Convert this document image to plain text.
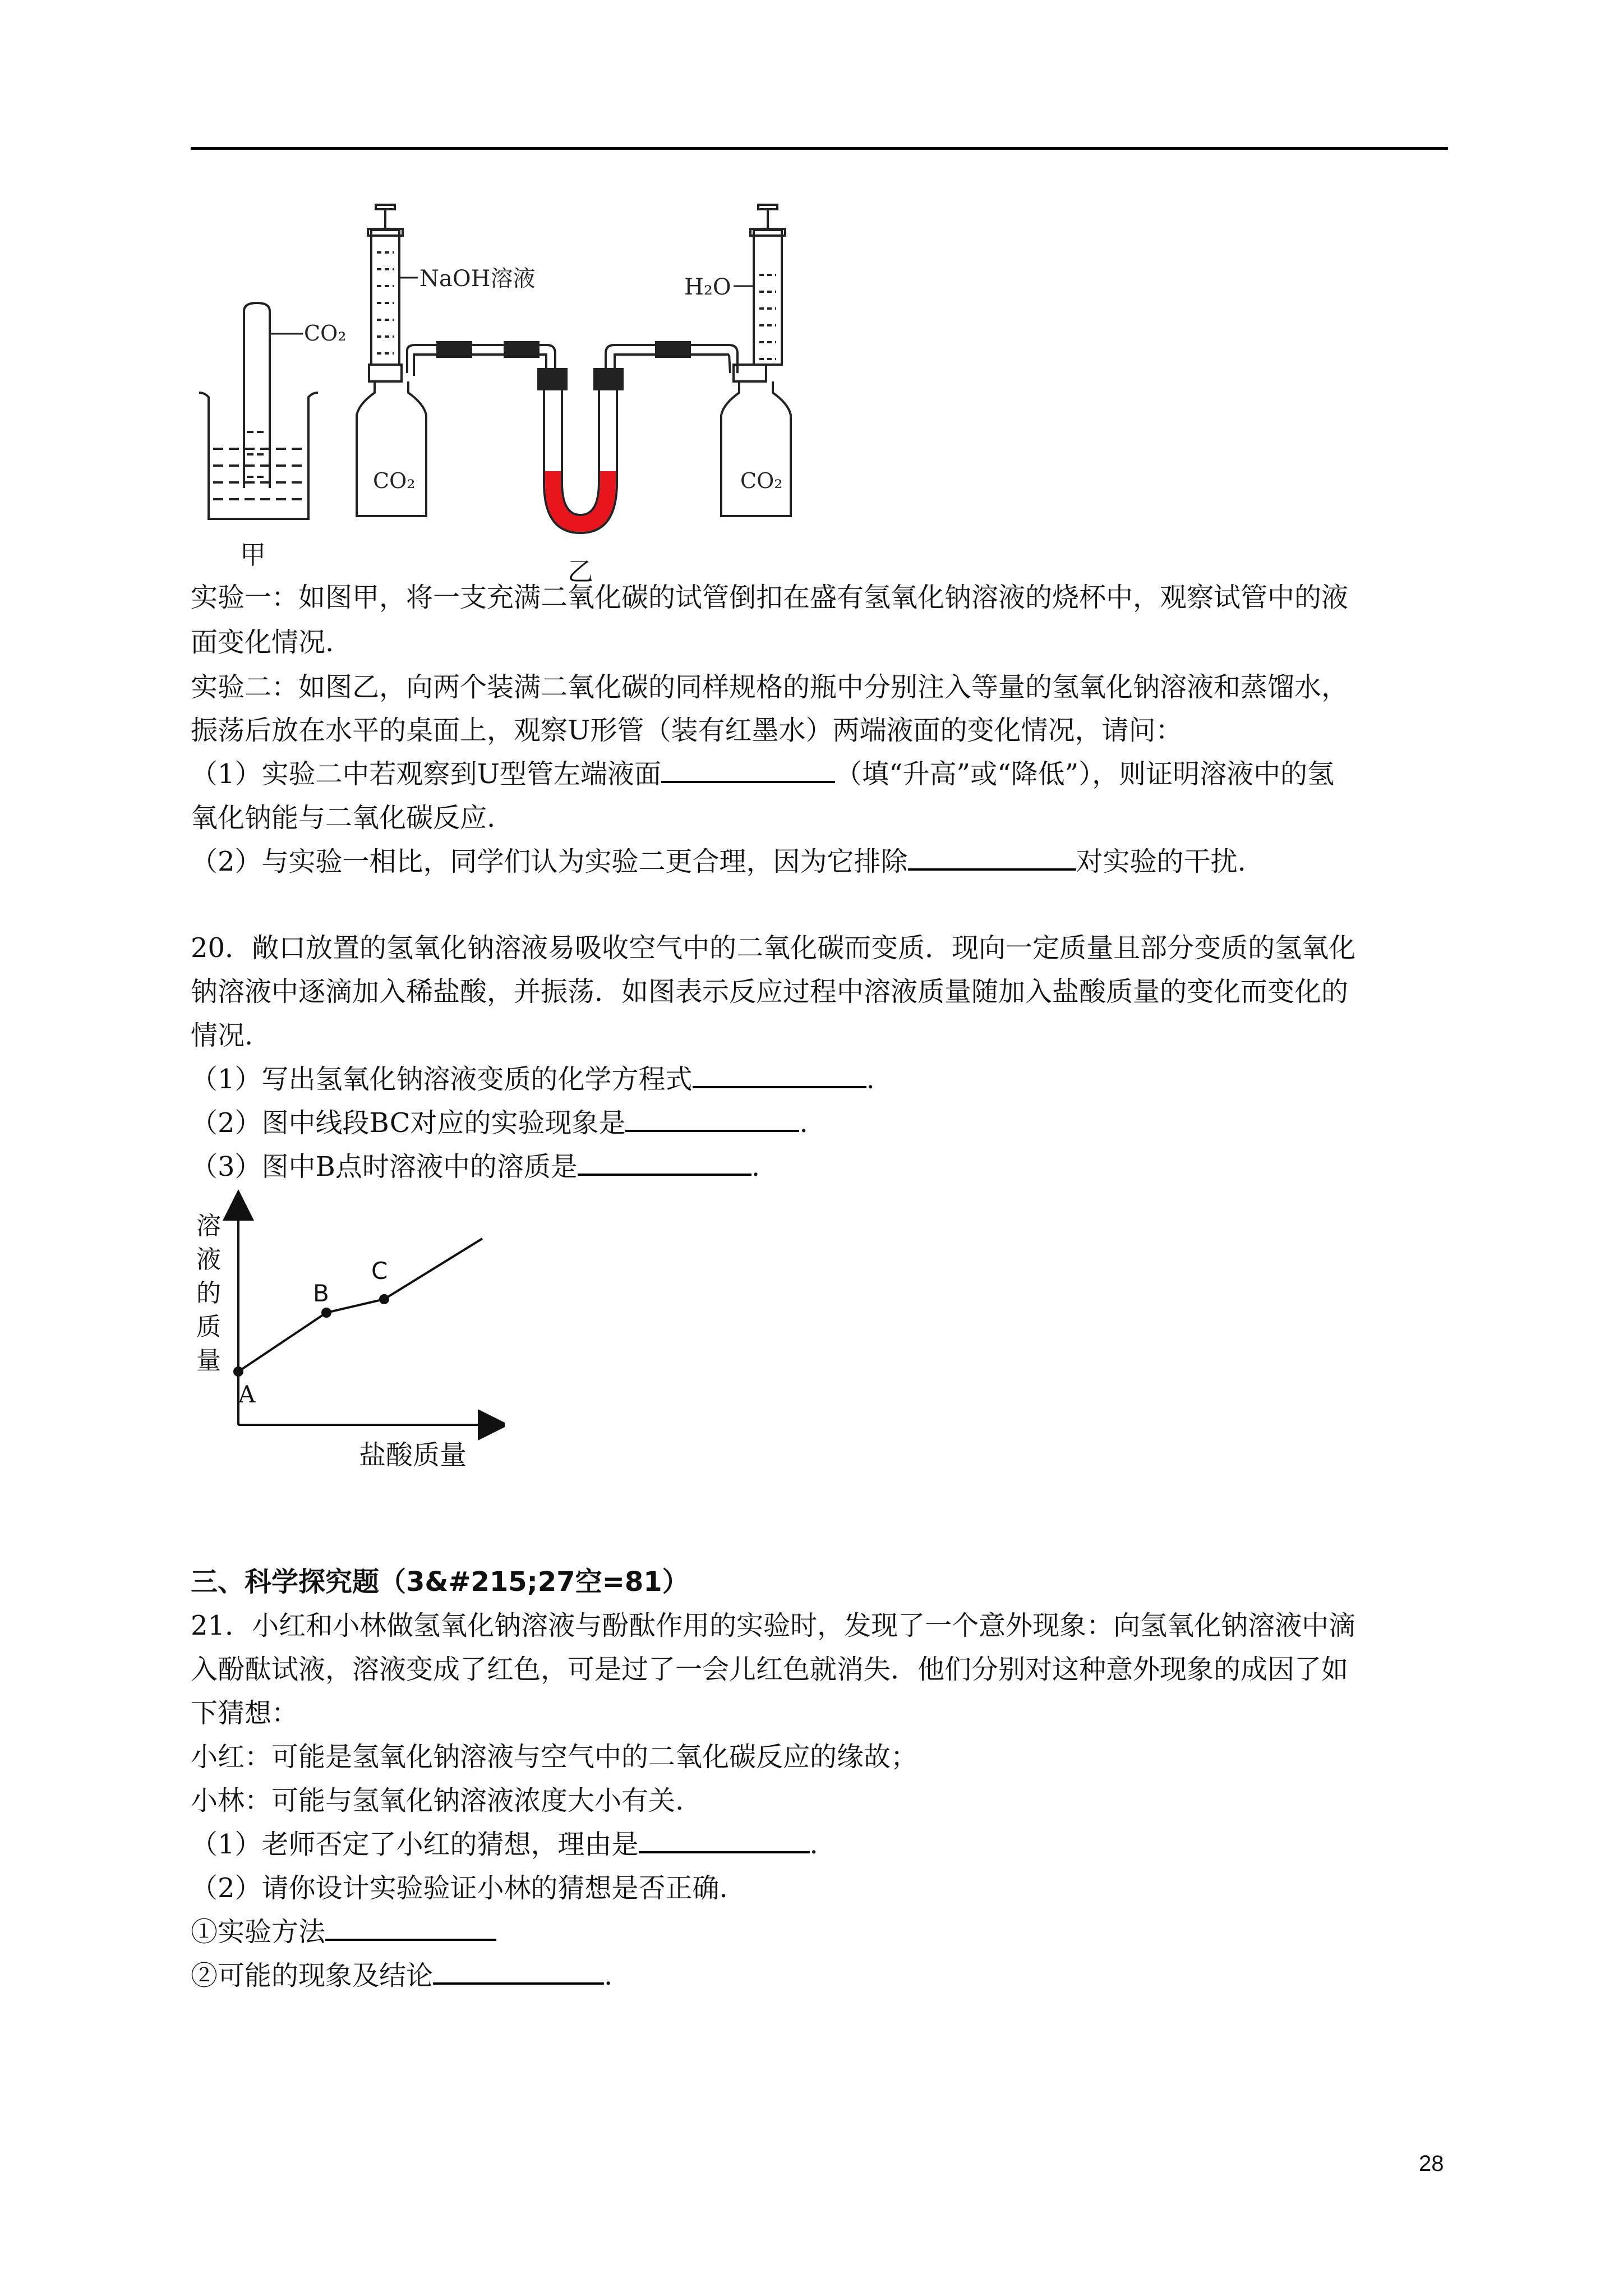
CO₂
甲
NaOH溶液
CO₂
乙
H₂O
CO₂
实验一：如图甲，将一支充满二氧化碳的试管倒扣在盛有氢氧化钠溶液的烧杯中，观察试管中的液
面变化情况.
实验二：如图乙，向两个装满二氧化碳的同样规格的瓶中分别注入等量的氢氧化钠溶液和蒸馏水，
振荡后放在水平的桌面上，观察U形管（装有红墨水）两端液面的变化情况，请问：
（1）实验二中若观察到U型管左端液面	（填“升高”或“降低”），则证明溶液中的氢
氧化钠能与二氧化碳反应.
（2）与实验一相比，同学们认为实验二更合理，因为它排除	对实验的干扰.
20．敞口放置的氢氧化钠溶液易吸收空气中的二氧化碳而变质．现向一定质量且部分变质的氢氧化
钠溶液中逐滴加入稀盐酸，并振荡．如图表示反应过程中溶液质量随加入盐酸质量的变化而变化的
情况.
（1）写出氢氧化钠溶液变质的化学方程式	.
（2）图中线段BC对应的实验现象是	.
（3）图中B点时溶液中的溶质是	.
A
B
C
溶
液
的
质
量
盐酸质量
三、科学探究题（3&#215;27空=81）
21．小红和小林做氢氧化钠溶液与酚酞作用的实验时，发现了一个意外现象：向氢氧化钠溶液中滴
入酚酞试液，溶液变成了红色，可是过了一会儿红色就消失．他们分别对这种意外现象的成因了如
下猜想：
小红：可能是氢氧化钠溶液与空气中的二氧化碳反应的缘故；
小林：可能与氢氧化钠溶液浓度大小有关.
（1）老师否定了小红的猜想，理由是	.
（2）请你设计实验验证小林的猜想是否正确.
①实验方法
②可能的现象及结论	.
28
